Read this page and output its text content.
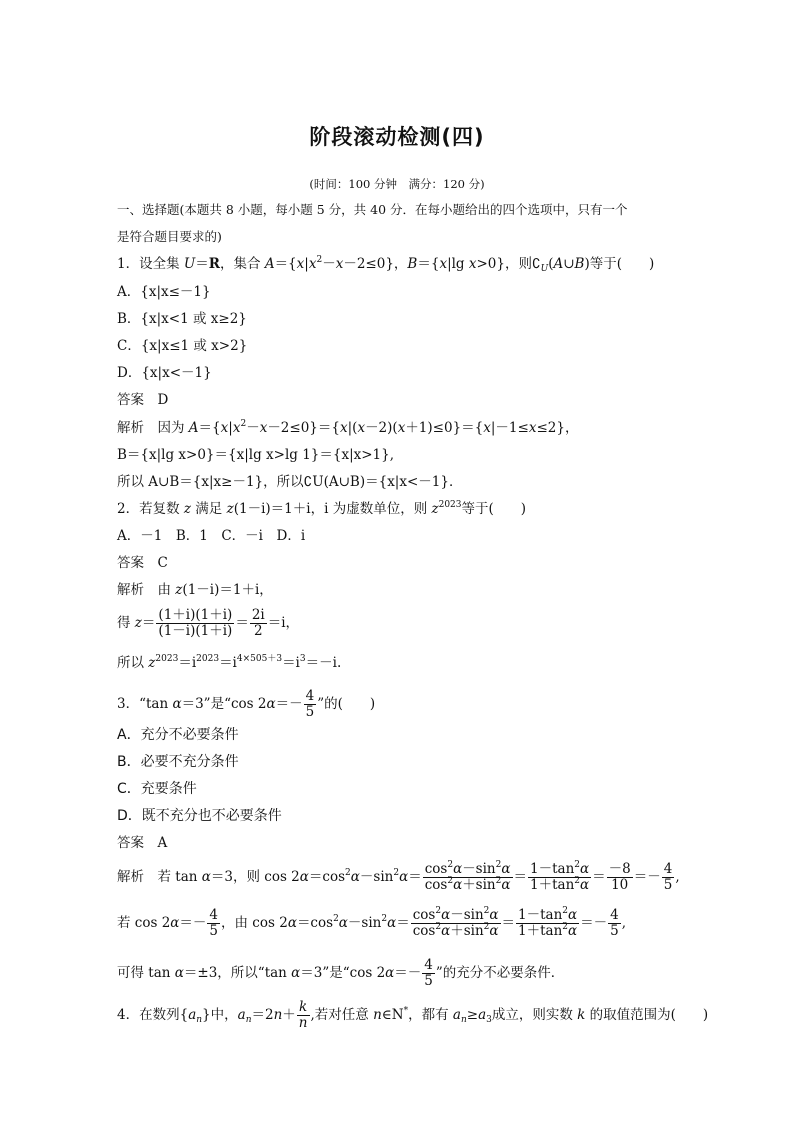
阶段滚动检测(四)
(时间：100 分钟　满分：120 分)
一、选择题(本题共 8 小题，每小题 5 分，共 40 分．在每小题给出的四个选项中，只有一个
是符合题目要求的)
1．设全集 U＝R，集合 $A=\{x|x^2-x-2\le 0\}$，B＝{x|lg x>0}，则$∁_U(A\cup B)$等于(　　)
A．{x|x≤－1}
B．{x|x<1 或 x≥2}
C．{x|x≤1 或 x>2}
D．{x|x<－1}
答案　 D
解析　因为 $A=\{x|x^2-x-2\le 0\}=\{x|(x-2)(x+1)\le 0\}=\{x|-1\le x\le 2\}$，
B＝{x|lg x>0}＝{x|lg x>lg 1}＝{x|x>1},
所以 A∪B＝{x|x≥－1}，所以∁U(A∪B)＝{x|x<－1}．
2．若复数 z 满足 z(1－i)＝1＋i，i 为虚数单位，则 $z^{2023}$等于(　　)
A．－1　B．1　C．－i　D．i
答案　 C
解析　由 z(1－i)＝1＋i，
得 $z= \frac{(1+i)(1+i)}{(1-i)(1+i)} = \frac{2i}{2} =i$，
所以 $z^{2023}=i^{2023}=i^{4\times 505+3}=i^3=-i$.
3．“tan α＝3”是“cos $2\alpha=- \frac{4}{5}$ ”的(　　)
A．充分不必要条件
B．必要不充分条件
C．充要条件
D．既不充分也不必要条件
答案　 A
解析　若 tan α＝3，则 $\cos 2\alpha=\cos^2\alpha-\sin^2\alpha= \frac{\cos^2\alpha-\sin^2\alpha}{\cos^2\alpha+\sin^2\alpha} = \frac{1-\tan^2\alpha}{1+\tan^2\alpha} = \frac{-8}{10} =- \frac{4}{5}$ ,
若 $\cos 2\alpha=- \frac{4}{5}$ ，由 $\cos 2\alpha=\cos^2\alpha-\sin^2\alpha= \frac{\cos^2\alpha-\sin^2\alpha}{\cos^2\alpha+\sin^2\alpha} = \frac{1-\tan^2\alpha}{1+\tan^2\alpha} =- \frac{4}{5}$ ,
可得 tan α＝±3，所以“tan α＝3”是“cos $2\alpha=- \frac{4}{5}$ ”的充分不必要条件．
4．在数列$\{a_n\}$中，$a_n=2n+ \frac{k}{n}$ ,若对任意 n∈N*，都有 $a_n\ge a_3$成立，则实数 k 的取值范围为(　　)
